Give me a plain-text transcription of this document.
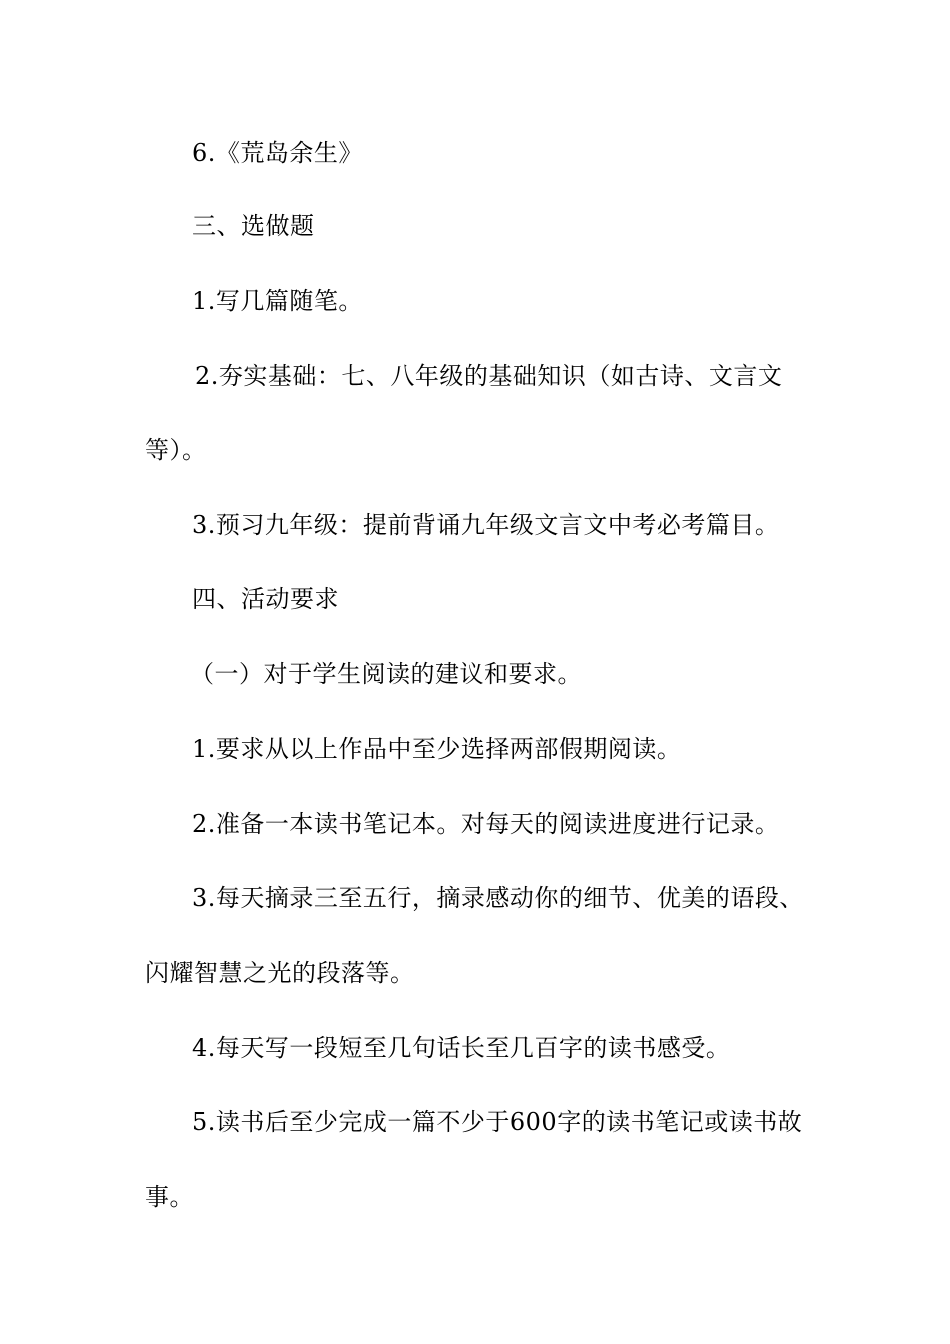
6.《荒岛余生》
三、选做题
1.写几篇随笔。
2.夯实基础：七、八年级的基础知识（如古诗、文言文
等）。
3.预习九年级：提前背诵九年级文言文中考必考篇目。
四、活动要求
（一）对于学生阅读的建议和要求。
1.要求从以上作品中至少选择两部假期阅读。
2.准备一本读书笔记本。对每天的阅读进度进行记录。
3.每天摘录三至五行，摘录感动你的细节、优美的语段、
闪耀智慧之光的段落等。
4.每天写一段短至几句话长至几百字的读书感受。
5.读书后至少完成一篇不少于600字的读书笔记或读书故
事。
